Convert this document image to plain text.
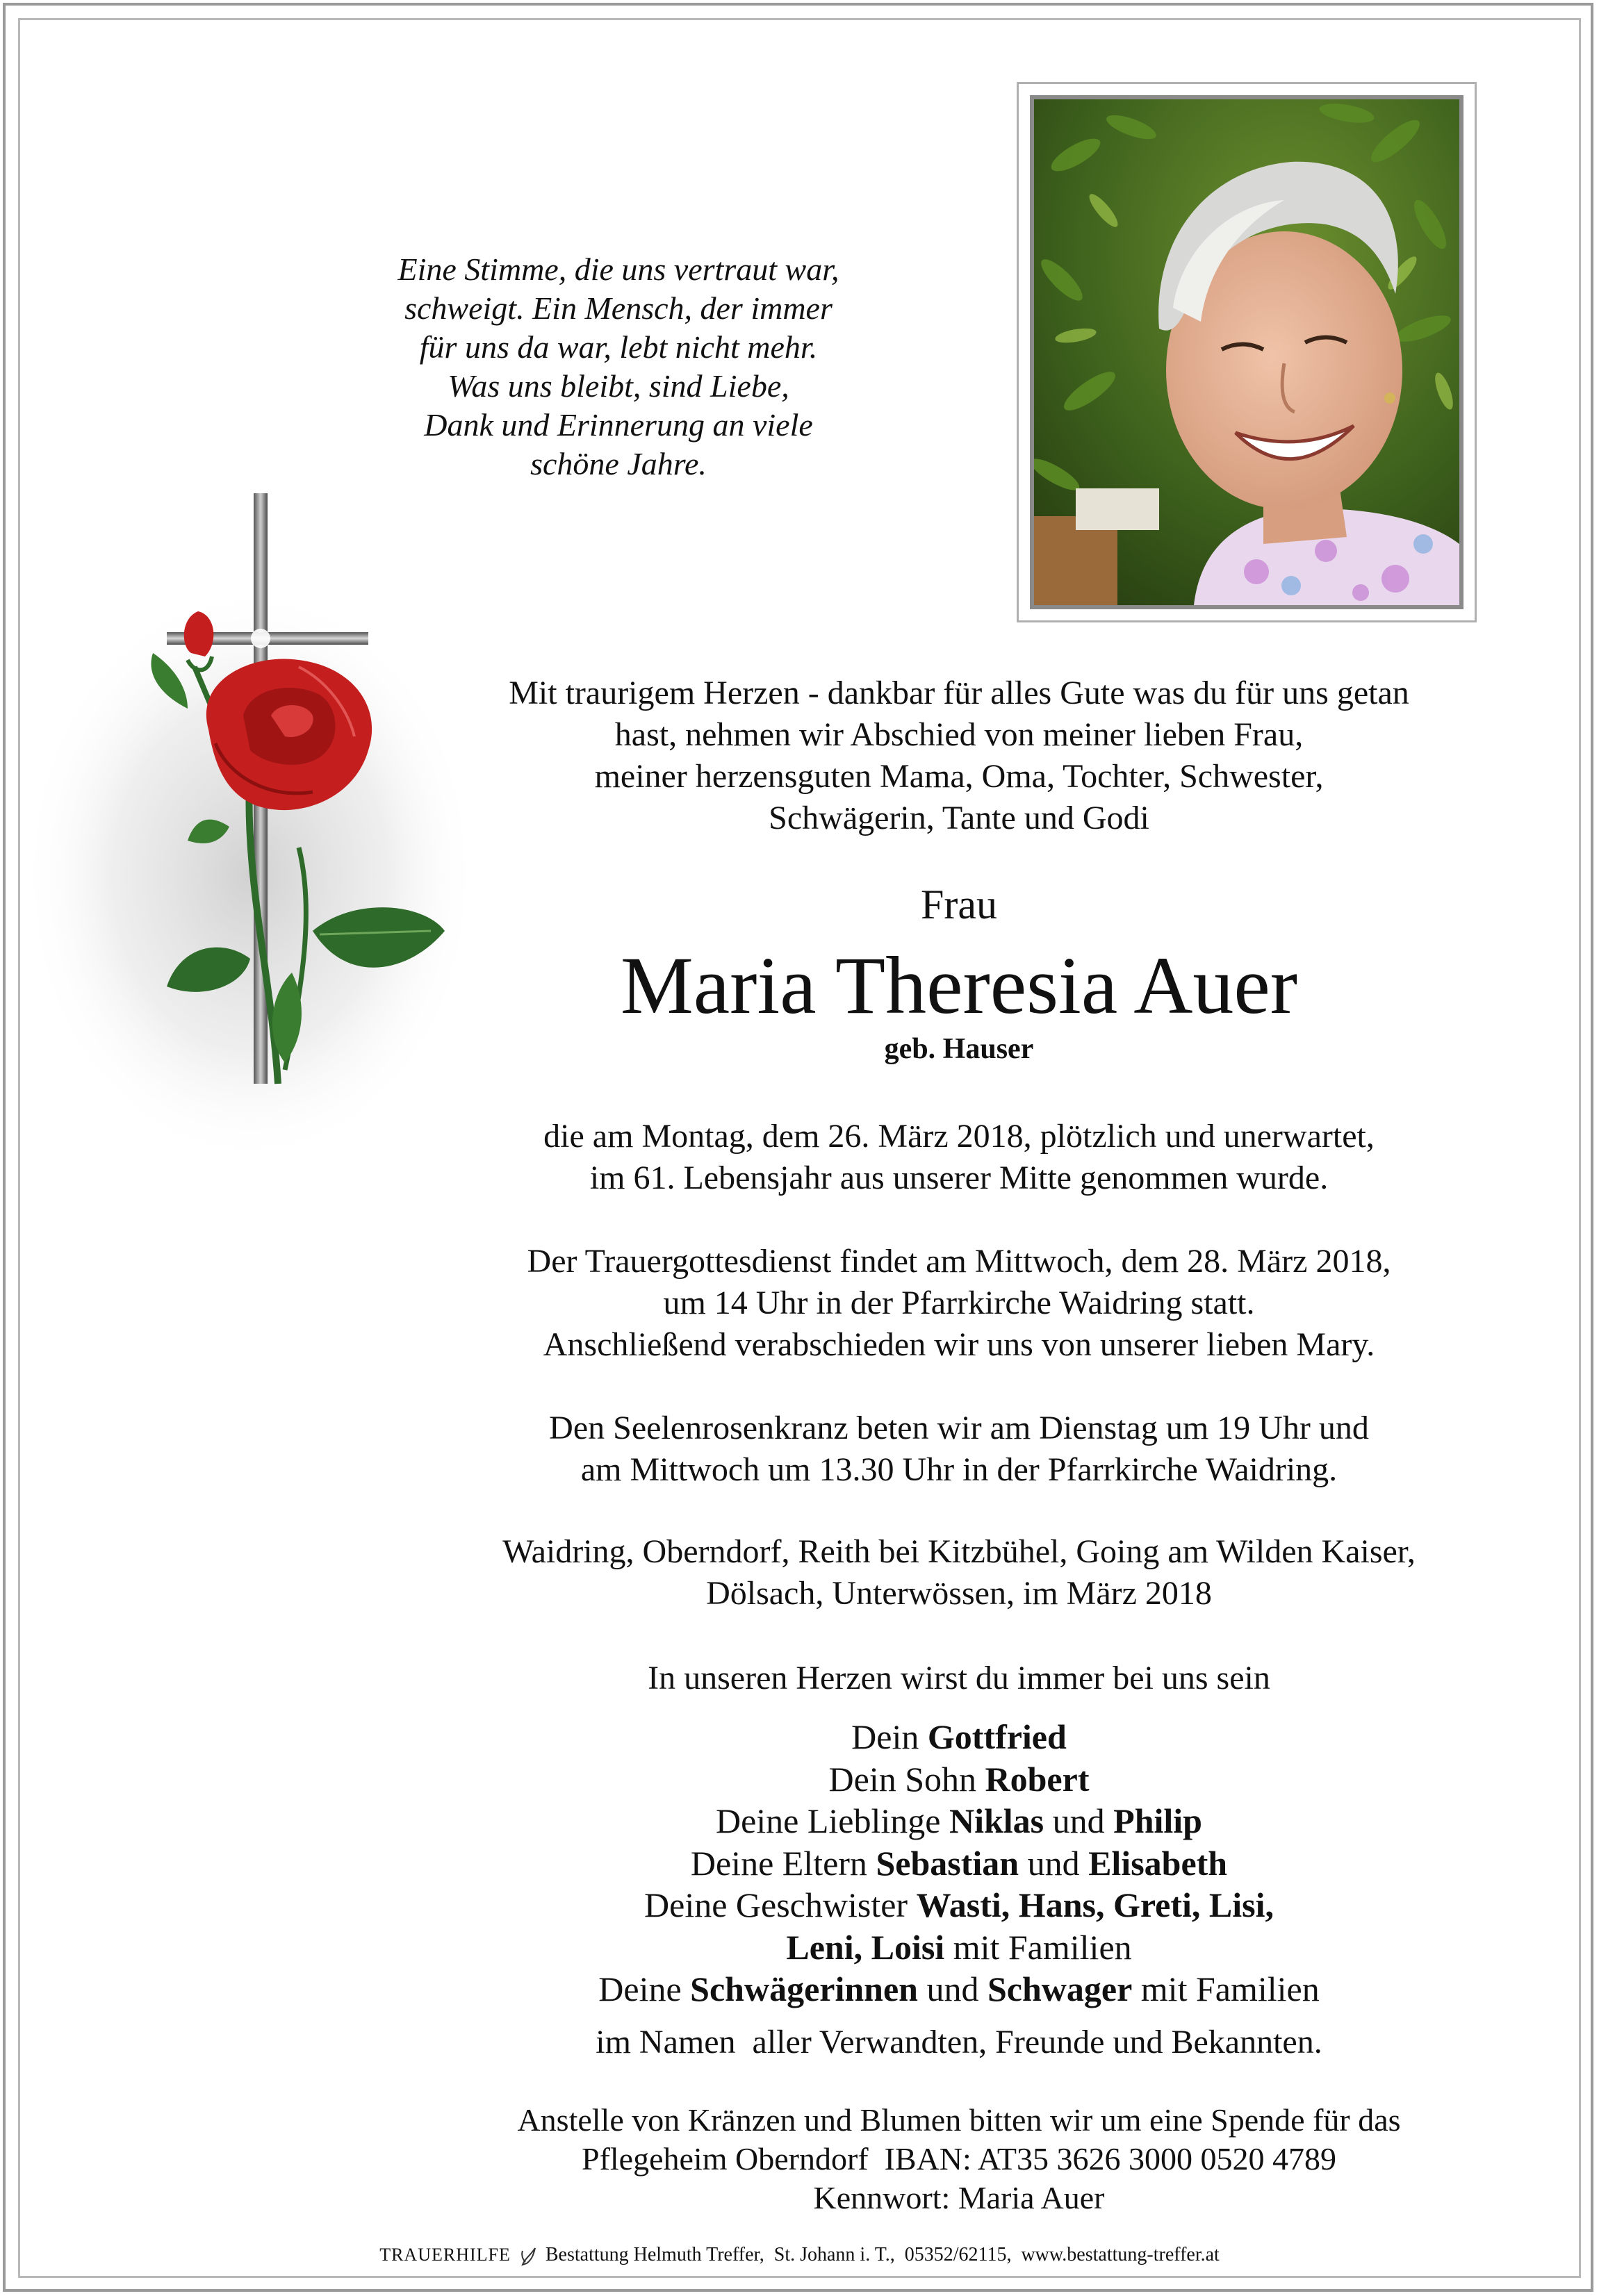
Eine Stimme, die uns vertraut war,
schweigt. Ein Mensch, der immer
für uns da war, lebt nicht mehr.
Was uns bleibt, sind Liebe,
Dank und Erinnerung an viele
schöne Jahre.
Mit traurigem Herzen - dankbar für alles Gute was du für uns getan
hast, nehmen wir Abschied von meiner lieben Frau,
meiner herzensguten Mama, Oma, Tochter, Schwester,
Schwägerin, Tante und Godi
Frau
Maria Theresia Auer
geb. Hauser
die am Montag, dem 26. März 2018, plötzlich und unerwartet,
im 61. Lebensjahr aus unserer Mitte genommen wurde.
Der Trauergottesdienst findet am Mittwoch, dem 28. März 2018,
um 14 Uhr in der Pfarrkirche Waidring statt.
Anschließend verabschieden wir uns von unserer lieben Mary.
Den Seelenrosenkranz beten wir am Dienstag um 19 Uhr und
am Mittwoch um 13.30 Uhr in der Pfarrkirche Waidring.
Waidring, Oberndorf, Reith bei Kitzbühel, Going am Wilden Kaiser,
Dölsach, Unterwössen, im März 2018
In unseren Herzen wirst du immer bei uns sein
Dein Gottfried
Dein Sohn Robert
Deine Lieblinge Niklas und Philip
Deine Eltern Sebastian und Elisabeth
Deine Geschwister Wasti, Hans, Greti, Lisi,
Leni, Loisi mit Familien
Deine Schwägerinnen und Schwager mit Familien
im Namen  aller Verwandten, Freunde und Bekannten.
Anstelle von Kränzen und Blumen bitten wir um eine Spende für das
Pflegeheim Oberndorf  IBAN: AT35 3626 3000 0520 4789
Kennwort: Maria Auer
TRAUERHILFE Bestattung Helmuth Treffer,  St. Johann i. T.,  05352/62115,  www.bestattung-treffer.at
